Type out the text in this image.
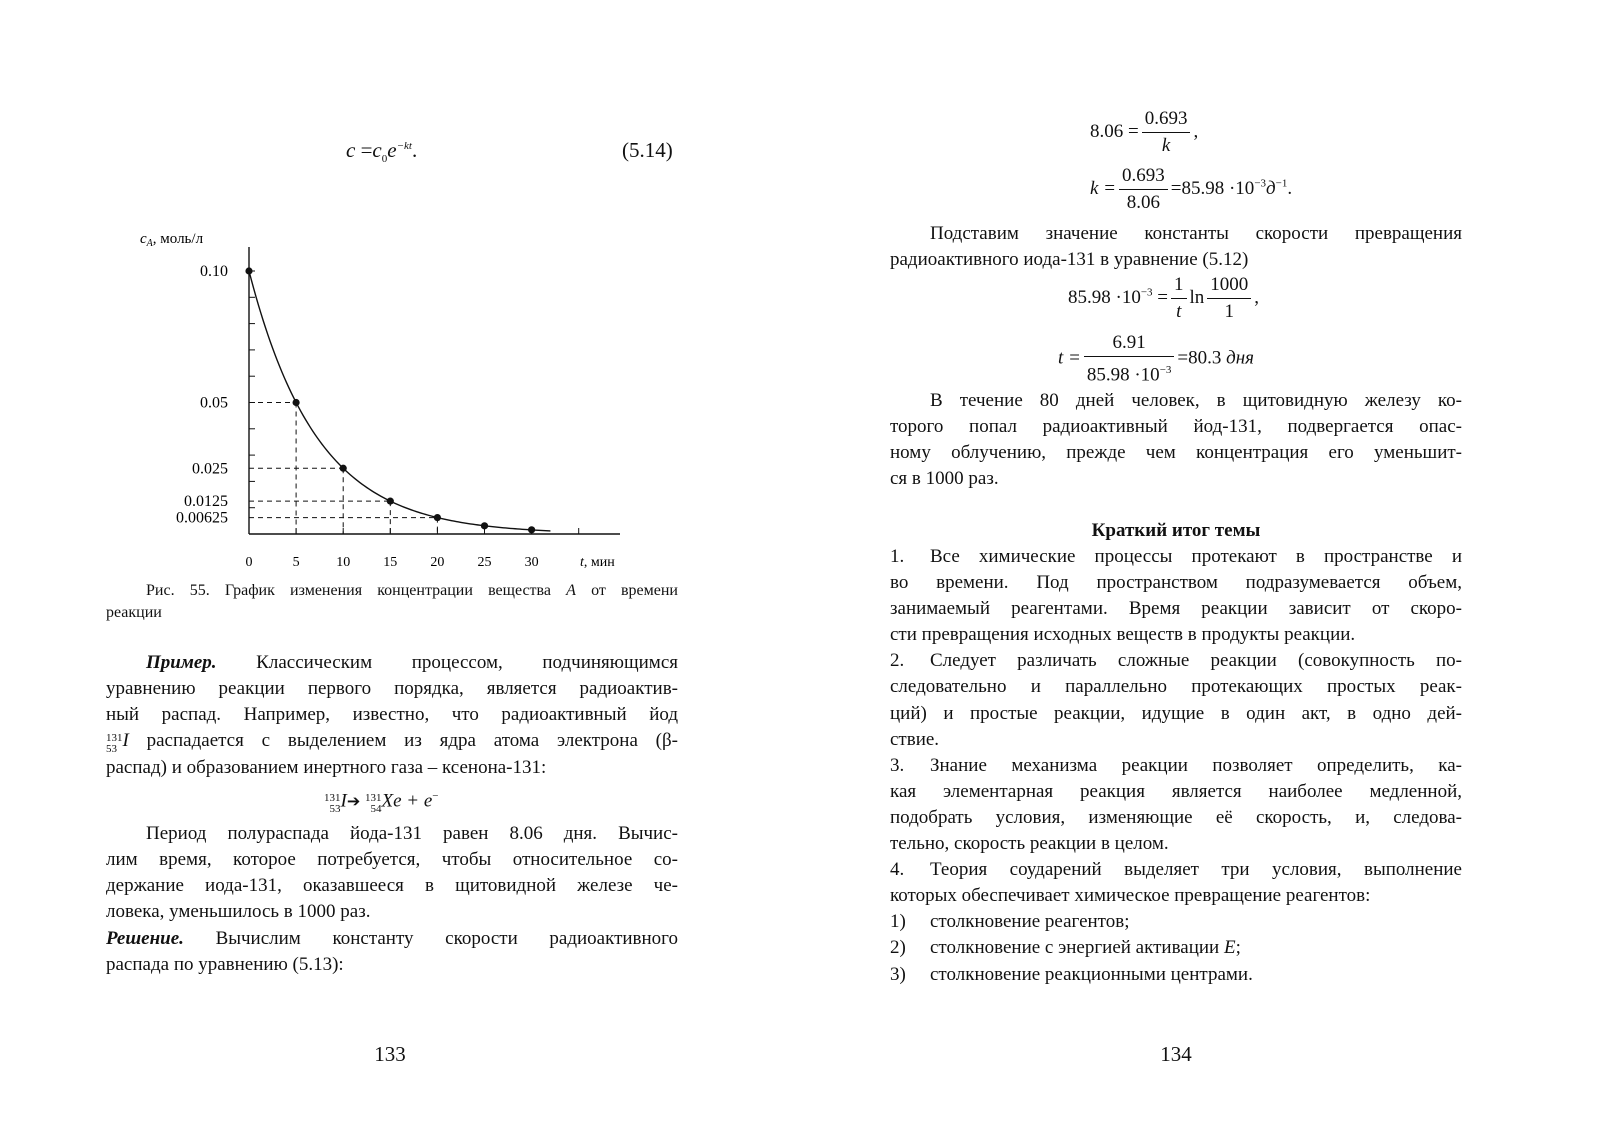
$c =c_0e^{-kt}$.	(5.14)
$c_A$, моль/л
t, мин
0	5	10 15 20 25 30
0.10
0.05
0.025
0.0125
0.00625
Рис. 55. График изменения концентрации вещества A от времени
реакции
Пример. Классическим процессом, подчиняющимся
уравнению реакции первого порядка, является радиоактив-
ный распад. Например, известно, что радиоактивный йод
131
53 I распадается с выделением из ядра атома электрона (β-
распад) и образованием инертного газа – ксенона-131:
131
53 I➔ 131
54 Xe + e−
Период полураспада йода-131 равен 8.06 дня. Вычис-
лим время, которое потребуется, чтобы относительное со-
держание иода-131, оказавшееся в щитовидной железе че-
ловека, уменьшилось в 1000 раз.
Решение. Вычислим константу скорости радиоактивного
распада по уравнению (5.13):
133
$8.06 = \frac{0.693}{k}$ ,
$k = \frac{0.693}{8.06} =85.98 \cdot 10^{-3}д^{-1}$.
Подставим значение константы скорости превращения
радиоактивного иода-131 в уравнение (5.12)
$85.98 \cdot 10^{-3} = \frac{1}{t}$ $\ln \frac{1000}{1}$ ,
$t = \frac{6.91}{85.98 \cdot 10^{-3}} =80.3$ дня
В течение 80 дней человек, в щитовидную железу ко-
торого попал радиоактивный йод-131, подвергается опас-
ному облучению, прежде чем концентрация его уменьшит-
ся в 1000 раз.
Краткий итог темы
1. Все химические процессы протекают в пространстве и
во времени. Под пространством подразумевается объем,
занимаемый реагентами. Время реакции зависит от скоро-
сти превращения исходных веществ в продукты реакции.
2. Следует различать сложные реакции (совокупность по-
следовательно и параллельно протекающих простых реак-
ций) и простые реакции, идущие в один акт, в одно дей-
ствие.
3. Знание механизма реакции позволяет определить, ка-
кая элементарная реакция является наиболее медленной,
подобрать условия, изменяющие её скорость, и, следова-
тельно, скорость реакции в целом.
4. Теория соударений выделяет три условия, выполнение
которых обеспечивает химическое превращение реагентов:
1) столкновение реагентов;
2) столкновение с энергией активации E;
3) столкновение реакционными центрами.
134
